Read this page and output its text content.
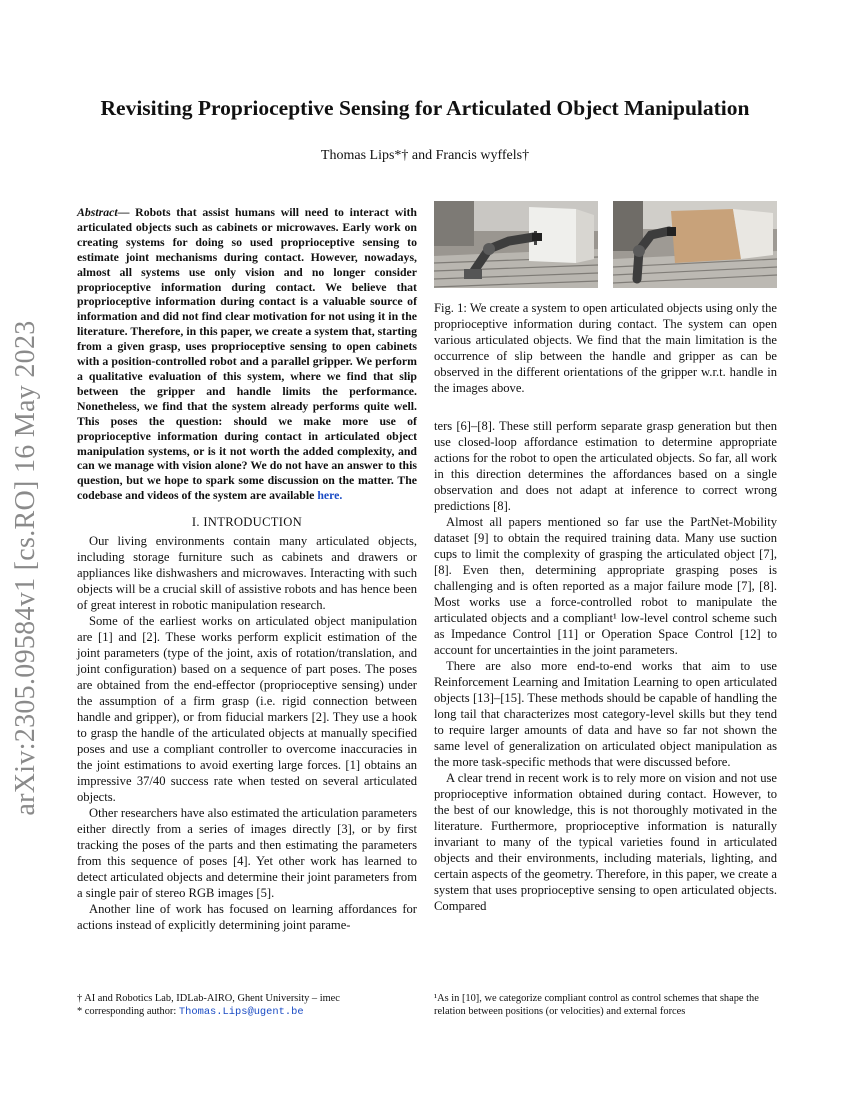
arXiv:2305.09584v1 [cs.RO] 16 May 2023
Revisiting Proprioceptive Sensing for Articulated Object Manipulation
Thomas Lips*† and Francis wyffels†
Abstract— Robots that assist humans will need to interact with articulated objects such as cabinets or microwaves. Early work on creating systems for doing so used proprioceptive sensing to estimate joint mechanisms during contact. However, nowadays, almost all systems use only vision and no longer consider proprioceptive information during contact. We believe that proprioceptive information during contact is a valuable source of information and did not find clear motivation for not using it in the literature. Therefore, in this paper, we create a system that, starting from a given grasp, uses proprioceptive sensing to open cabinets with a position-controlled robot and a parallel gripper. We perform a qualitative evaluation of this system, where we find that slip between the gripper and handle limits the performance. Nonetheless, we find that the system already performs quite well. This poses the question: should we make more use of proprioceptive information during contact in articulated object manipulation systems, or is it not worth the added complexity, and can we manage with vision alone? We do not have an answer to this question, but we hope to spark some discussion on the matter. The codebase and videos of the system are available here.
I. INTRODUCTION

Our living environments contain many articulated objects, including storage furniture such as cabinets and drawers or appliances like dishwashers and microwaves. Interacting with such objects will be a crucial skill of assistive robots and has hence been of great interest in robotic manipulation research.

Some of the earliest works on articulated object manipulation are [1] and [2]. These works perform explicit estimation of the joint parameters (type of the joint, axis of rotation/translation, and joint configuration) based on a sequence of part poses. The poses are obtained from the end-effector (proprioceptive sensing) under the assumption of a firm grasp (i.e. rigid connection between handle and gripper), or from fiducial markers [2]. They use a hook to grasp the handle of the articulated objects at manually specified poses and use a compliant controller to overcome inaccuracies in the joint estimations to avoid exerting large forces. [1] obtains an impressive 37/40 success rate when tested on several articulated objects.

Other researchers have also estimated the articulation parameters either directly from a series of images directly [3], or by first tracking the poses of the parts and then estimating the parameters from this sequence of poses [4]. Yet other work has learned to detect articulated objects and determine their joint parameters from a single pair of stereo RGB images [5].

Another line of work has focused on learning affordances for actions instead of explicitly determining joint parame-

Fig. 1: We create a system to open articulated objects using only the proprioceptive information during contact. The system can open various articulated objects. We find that the main limitation is the occurrence of slip between the handle and gripper as can be observed in the different orientations of the gripper w.r.t. handle in the images above.

ters [6]–[8]. These still perform separate grasp generation but then use closed-loop affordance estimation to determine appropriate actions for the robot to open the articulated objects. So far, all work in this direction determines the affordances based on a single observation and does not adapt at inference to correct wrong predictions [8].

Almost all papers mentioned so far use the PartNet-Mobility dataset [9] to obtain the required training data. Many use suction cups to limit the complexity of grasping the articulated object [7], [8]. Even then, determining appropriate grasping poses is challenging and is often reported as a major failure mode [7], [8]. Most works use a force-controlled robot to manipulate the articulated objects and a compliant¹ low-level control scheme such as Impedance Control [11] or Operation Space Control [12] to account for uncertainties in the joint parameters.

There are also more end-to-end works that aim to use Reinforcement Learning and Imitation Learning to open articulated objects [13]–[15]. These methods should be capable of handling the long tail that characterizes most category-level skills but they tend to require larger amounts of data and have so far not shown the same level of generalization on articulated object manipulation as the more task-specific methods that were discussed before.

A clear trend in recent work is to rely more on vision and not use proprioceptive information obtained during contact. However, to the best of our knowledge, this is not thoroughly motivated in the literature. Furthermore, proprioceptive information is naturally invariant to many of the typical varieties found in articulated objects and their environments, including materials, lighting, and certain aspects of the geometry. Therefore, in this paper, we create a system that uses proprioceptive sensing to open articulated objects. Compared

† AI and Robotics Lab, IDLab-AIRO, Ghent University – imec
* corresponding author: Thomas.Lips@ugent.be
¹As in [10], we categorize compliant control as control schemes that shape the relation between positions (or velocities) and external forces
